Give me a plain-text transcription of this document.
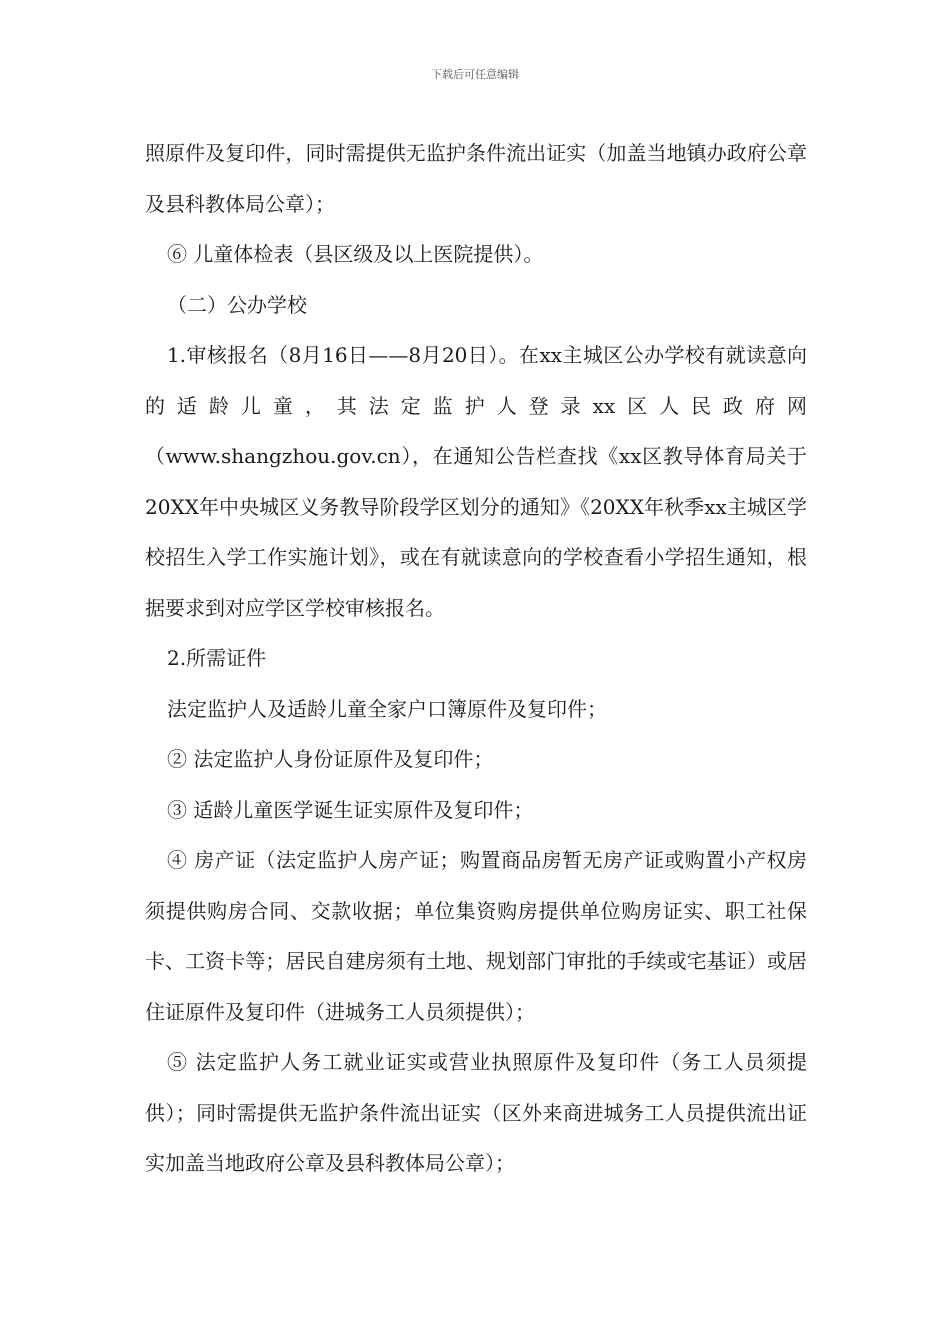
下载后可任意编辑

照原件及复印件，同时需提供无监护条件流出证实（加盖当地镇办政府公章及县科教体局公章）；

⑥ 儿童体检表（县区级及以上医院提供）。

（二）公办学校

1.审核报名（8月16日——8月20日）。在xx主城区公办学校有就读意向的适龄儿童，其法定监护人登录xx区人民政府网（www.shangzhou.gov.cn），在通知公告栏查找《xx区教导体育局关于20XX年中央城区义务教导阶段学区划分的通知》《20XX年秋季xx主城区学校招生入学工作实施计划》，或在有就读意向的学校查看小学招生通知，根据要求到对应学区学校审核报名。

2.所需证件

法定监护人及适龄儿童全家户口簿原件及复印件；

② 法定监护人身份证原件及复印件；

③ 适龄儿童医学诞生证实原件及复印件；

④ 房产证（法定监护人房产证；购置商品房暂无房产证或购置小产权房须提供购房合同、交款收据；单位集资购房提供单位购房证实、职工社保卡、工资卡等；居民自建房须有土地、规划部门审批的手续或宅基证）或居住证原件及复印件（进城务工人员须提供）；

⑤ 法定监护人务工就业证实或营业执照原件及复印件（务工人员须提供）；同时需提供无监护条件流出证实（区外来商进城务工人员提供流出证实加盖当地政府公章及县科教体局公章）；
